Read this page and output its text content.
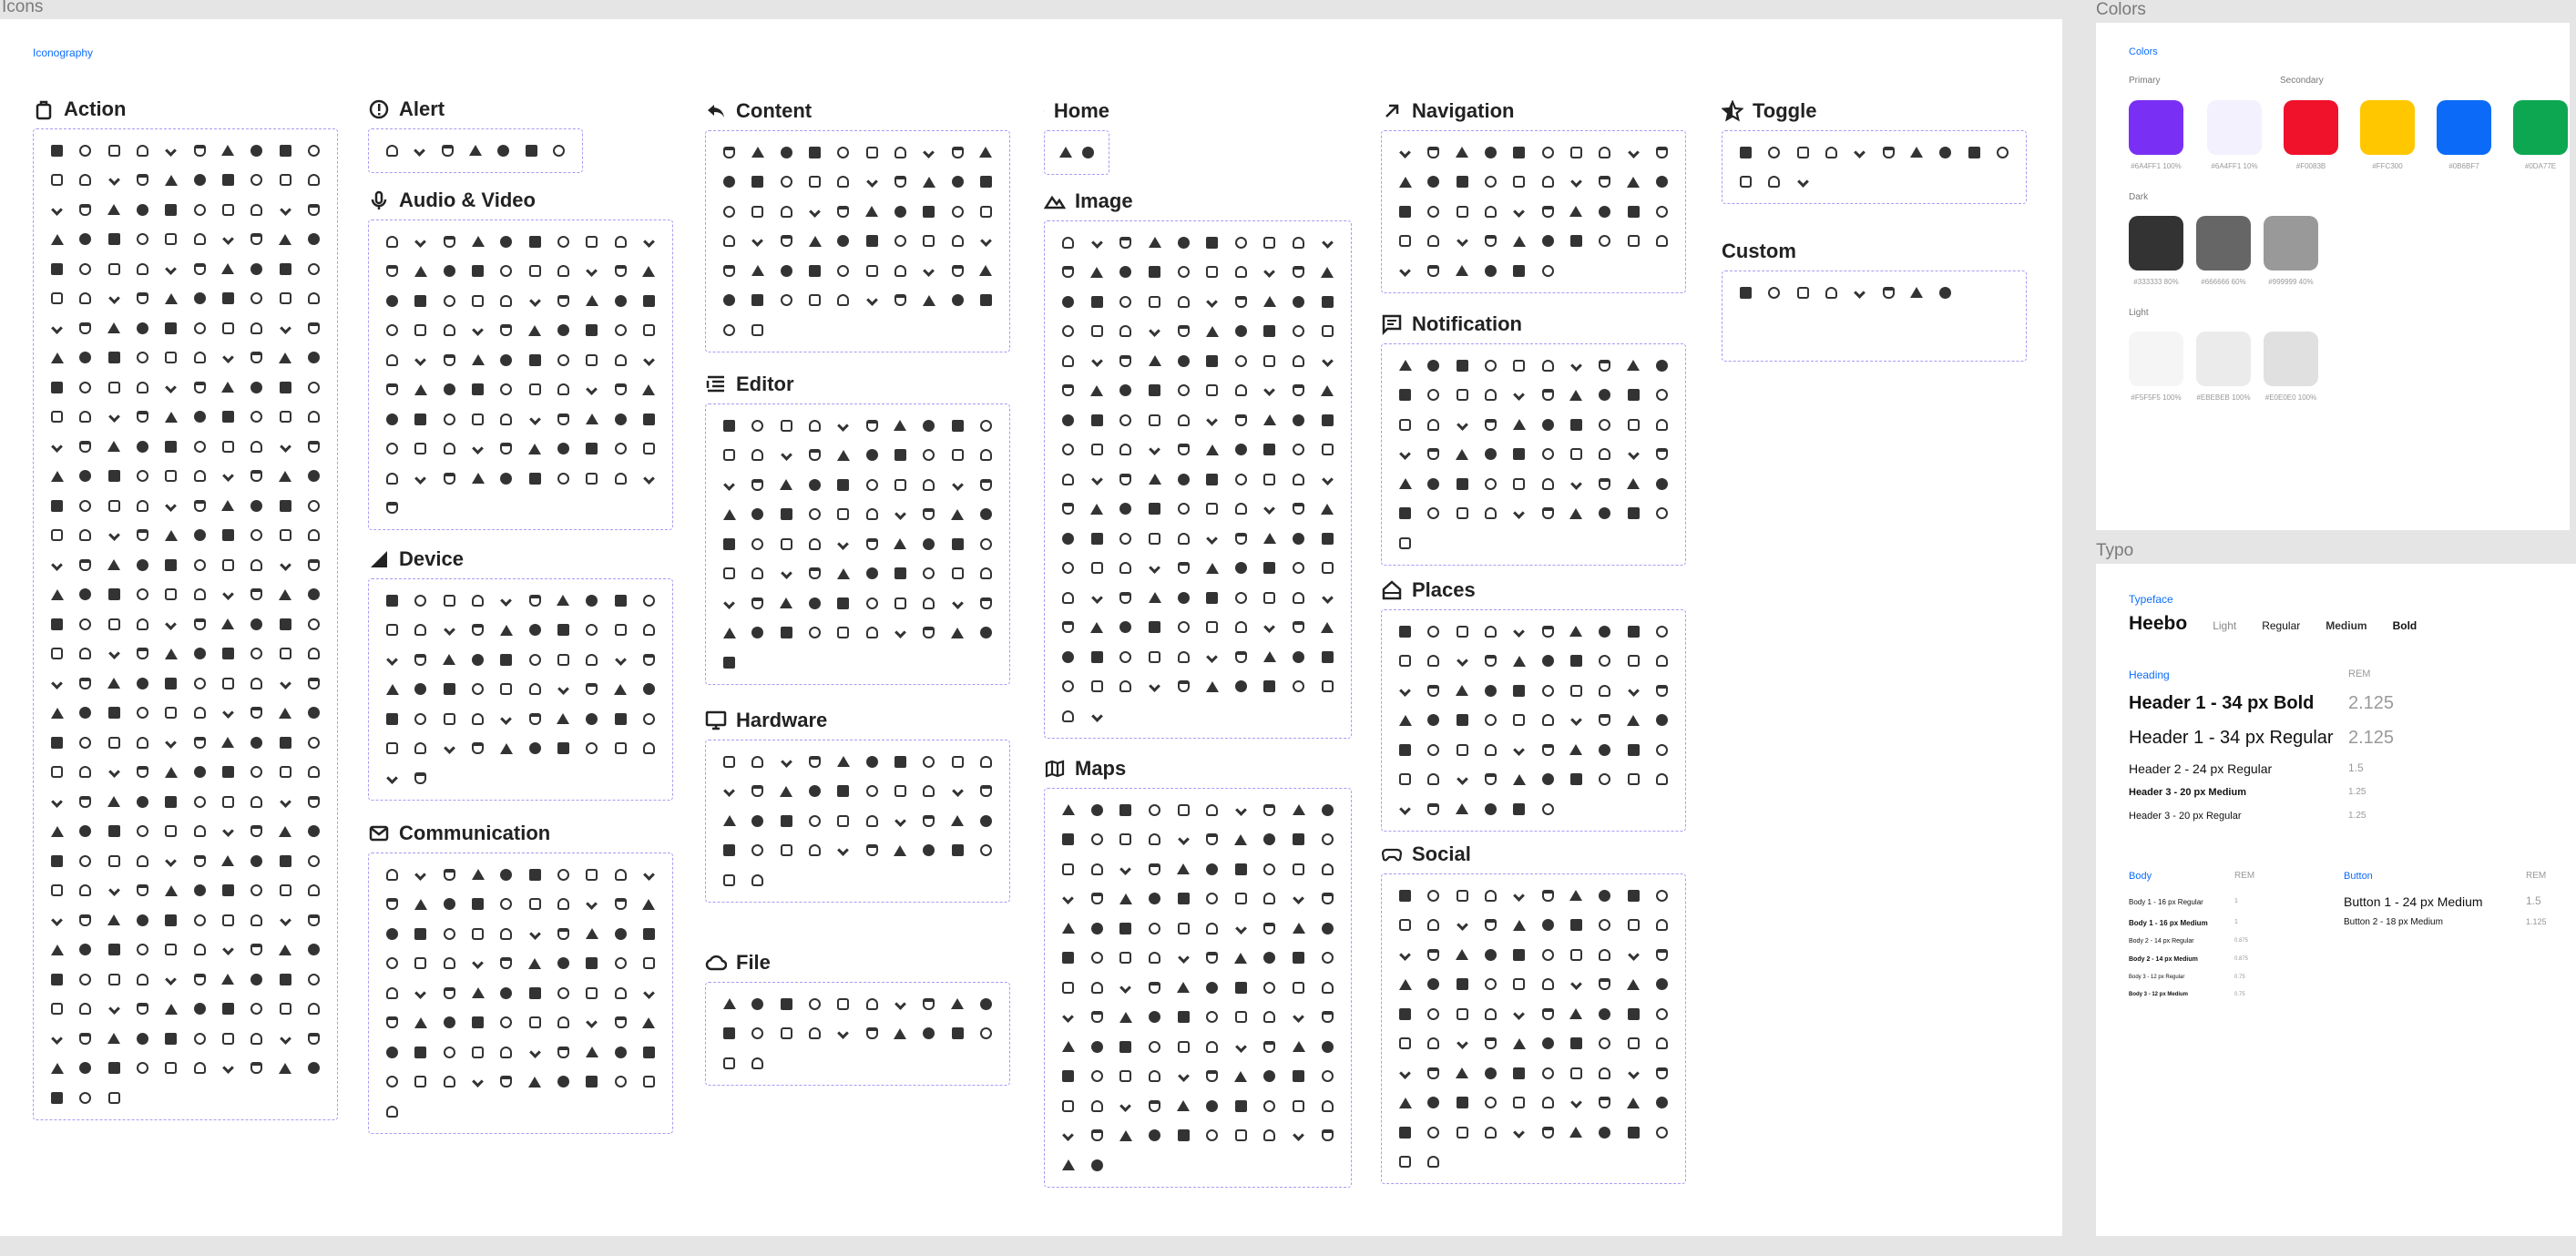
Icons	Colors
Typo
Iconography
Action	Alert
Audio & Video
Device
Communication
Content
Editor
Hardware
File
Home
Image
Maps
Navigation
Notification
Places
Social
Toggle
Custom
Colors
Primary	Secondary
#6A4FF1 100%	#6A4FF1 10%	#F0083B	#FFC300	#0B6BF7	#0DA77E
Dark
#333333 80%	#666666 60%	#999999 40%
Light
#F5F5F5 100% #EBEBEB 100% #E0E0E0 100%
Typeface
Heebo Light Regular Medium Bold
Heading	REM
Header 1 - 34 px Bold 2.125
Header 1 - 34 px Regular 2.125
Header 2 - 24 px Regular	1.5
Header 3 - 20 px Medium	1.25
Header 3 - 20 px Regular	1.25
Body	REM	Button	REM
Body 1 - 16 px Regular	1
Body 1 - 16 px Medium	1
Body 2 - 14 px Regular	0.875
Body 2 - 14 px Medium	0.875
Body 3 - 12 px Regular	0.75
Body 3 - 12 px Medium	0.75
Button 1 - 24 px Medium	1.5
Button 2 - 18 px Medium	1.125
